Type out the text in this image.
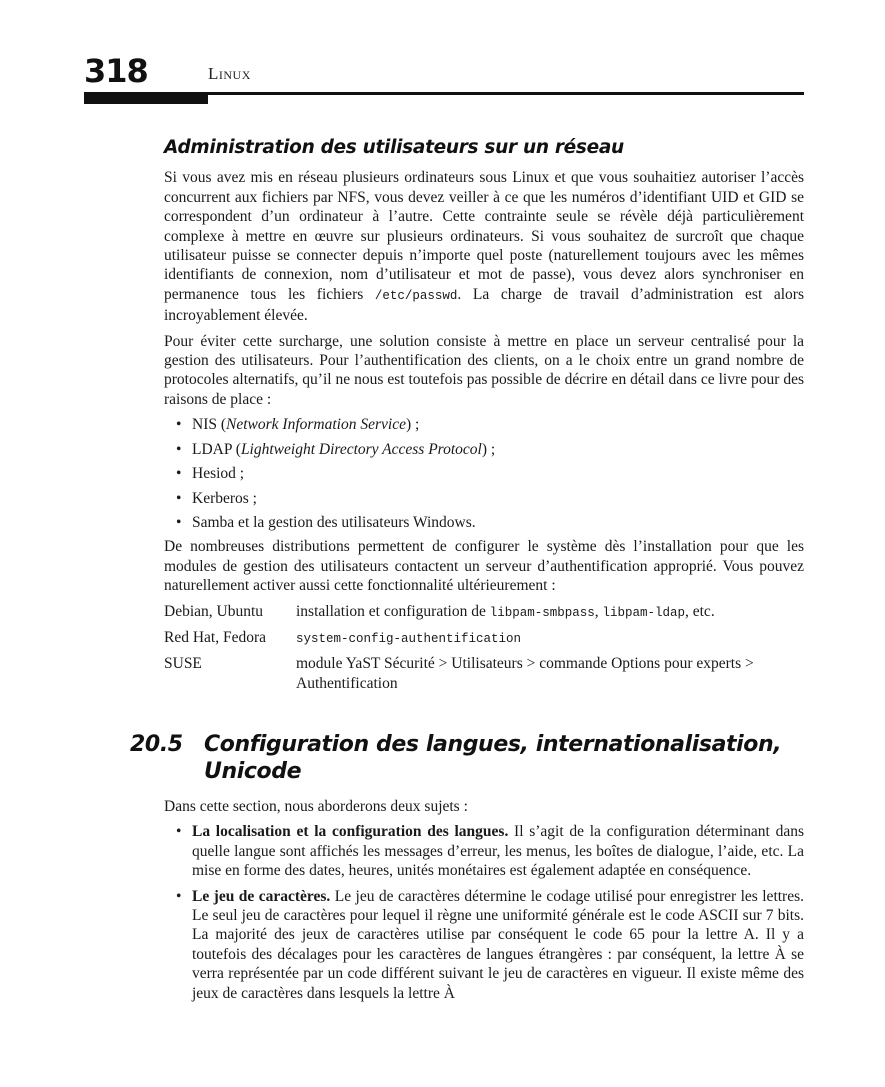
318	Linux
Administration des utilisateurs sur un réseau

Si vous avez mis en réseau plusieurs ordinateurs sous Linux et que vous souhaitiez autoriser l’accès concurrent aux fichiers par NFS, vous devez veiller à ce que les numéros d’identifiant UID et GID se correspondent d’un ordinateur à l’autre. Cette contrainte seule se révèle déjà particulièrement complexe à mettre en œuvre sur plusieurs ordinateurs. Si vous souhaitez de surcroît que chaque utilisateur puisse se connecter depuis n’importe quel poste (naturellement toujours avec les mêmes identifiants de connexion, nom d’utilisateur et mot de passe), vous devez alors synchroniser en permanence tous les fichiers /etc/passwd. La charge de travail d’administration est alors incroyablement élevée.

Pour éviter cette surcharge, une solution consiste à mettre en place un serveur centralisé pour la gestion des utilisateurs. Pour l’authentification des clients, on a le choix entre un grand nombre de protocoles alternatifs, qu’il ne nous est toutefois pas possible de décrire en détail dans ce livre pour des raisons de place :

• NIS (Network Information Service) ;
• LDAP (Lightweight Directory Access Protocol) ;
• Hesiod ;
• Kerberos ;
• Samba et la gestion des utilisateurs Windows.

De nombreuses distributions permettent de configurer le système dès l’installation pour que les modules de gestion des utilisateurs contactent un serveur d’authentification approprié. Vous pouvez naturellement activer aussi cette fonctionnalité ultérieurement :

Debian, Ubuntu	installation et configuration de libpam-smbpass, libpam-ldap, etc.
Red Hat, Fedora	system-config-authentification
SUSE	module YaST Sécurité > Utilisateurs > commande Options pour experts > Authentification
20.5 Configuration des langues, internationalisation, Unicode

Dans cette section, nous aborderons deux sujets :

• La localisation et la configuration des langues. Il s’agit de la configuration déterminant dans quelle langue sont affichés les messages d’erreur, les menus, les boîtes de dialogue, l’aide, etc. La mise en forme des dates, heures, unités monétaires est également adaptée en conséquence.
• Le jeu de caractères. Le jeu de caractères détermine le codage utilisé pour enregistrer les lettres. Le seul jeu de caractères pour lequel il règne une uniformité générale est le code ASCII sur 7 bits. La majorité des jeux de caractères utilise par conséquent le code 65 pour la lettre A. Il y a toutefois des décalages pour les caractères de langues étrangères : par conséquent, la lettre À se verra représentée par un code différent suivant le jeu de caractères en vigueur. Il existe même des jeux de caractères dans lesquels la lettre À
